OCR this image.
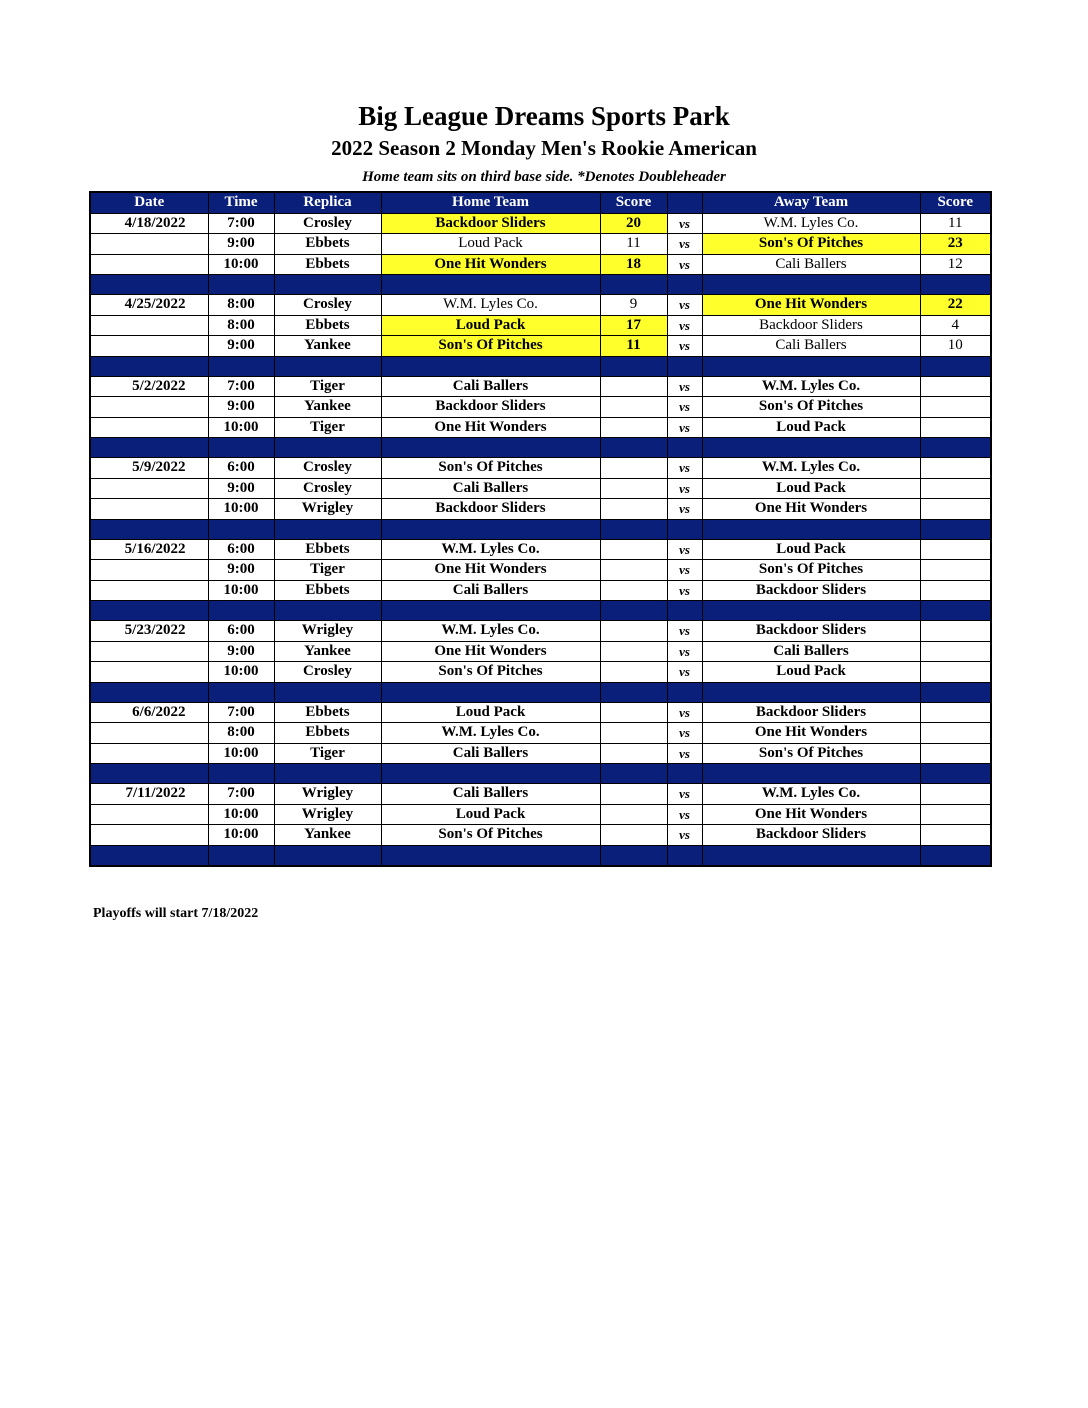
Big League Dreams Sports Park
2022 Season 2 Monday Men's Rookie American
Home team sits on third base side. *Denotes Doubleheader
Date	Time	Replica	Home Team	Score		Away Team	Score
4/18/2022	7:00	Crosley	Backdoor Sliders	20	vs	W.M. Lyles Co.	11
	9:00	Ebbets	Loud Pack	11	vs	Son's Of Pitches	23
	10:00	Ebbets	One Hit Wonders	18	vs	Cali Ballers	12

4/25/2022	8:00	Crosley	W.M. Lyles Co.	9	vs	One Hit Wonders	22
	8:00	Ebbets	Loud Pack	17	vs	Backdoor Sliders	4
	9:00	Yankee	Son's Of Pitches	11	vs	Cali Ballers	10

5/2/2022	7:00	Tiger	Cali Ballers		vs	W.M. Lyles Co.	
	9:00	Yankee	Backdoor Sliders		vs	Son's Of Pitches	
	10:00	Tiger	One Hit Wonders		vs	Loud Pack	

5/9/2022	6:00	Crosley	Son's Of Pitches		vs	W.M. Lyles Co.	
	9:00	Crosley	Cali Ballers		vs	Loud Pack	
	10:00	Wrigley	Backdoor Sliders		vs	One Hit Wonders	

5/16/2022	6:00	Ebbets	W.M. Lyles Co.		vs	Loud Pack	
	9:00	Tiger	One Hit Wonders		vs	Son's Of Pitches	
	10:00	Ebbets	Cali Ballers		vs	Backdoor Sliders	

5/23/2022	6:00	Wrigley	W.M. Lyles Co.		vs	Backdoor Sliders	
	9:00	Yankee	One Hit Wonders		vs	Cali Ballers	
	10:00	Crosley	Son's Of Pitches		vs	Loud Pack	

6/6/2022	7:00	Ebbets	Loud Pack		vs	Backdoor Sliders	
	8:00	Ebbets	W.M. Lyles Co.		vs	One Hit Wonders	
	10:00	Tiger	Cali Ballers		vs	Son's Of Pitches	

7/11/2022	7:00	Wrigley	Cali Ballers		vs	W.M. Lyles Co.	
	10:00	Wrigley	Loud Pack		vs	One Hit Wonders	
	10:00	Yankee	Son's Of Pitches		vs	Backdoor Sliders	

Playoffs will start 7/18/2022
